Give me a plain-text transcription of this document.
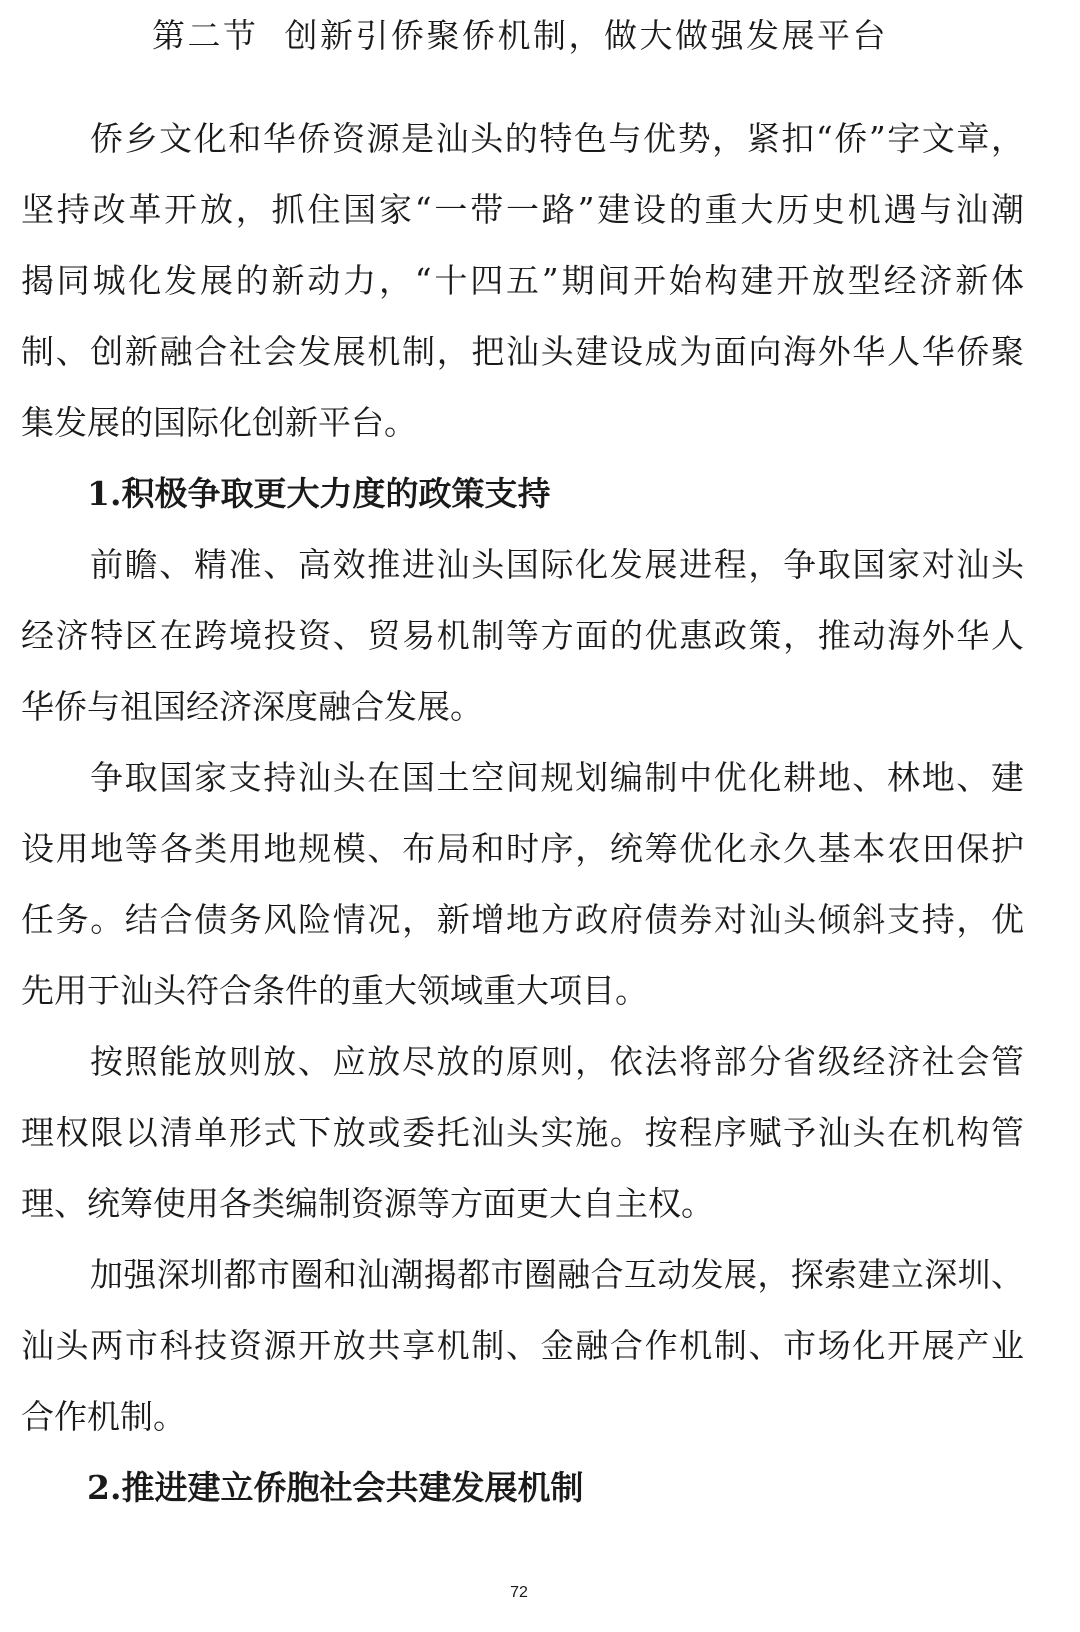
第二节  创新引侨聚侨机制，做大做强发展平台
侨乡文化和华侨资源是汕头的特色与优势，紧扣“侨”字文章，
坚持改革开放，抓住国家“一带一路”建设的重大历史机遇与汕潮
揭同城化发展的新动力，“十四五”期间开始构建开放型经济新体
制、创新融合社会发展机制，把汕头建设成为面向海外华人华侨聚
集发展的国际化创新平台。
1.积极争取更大力度的政策支持
前瞻、精准、高效推进汕头国际化发展进程，争取国家对汕头
经济特区在跨境投资、贸易机制等方面的优惠政策，推动海外华人
华侨与祖国经济深度融合发展。
争取国家支持汕头在国土空间规划编制中优化耕地、林地、建
设用地等各类用地规模、布局和时序，统筹优化永久基本农田保护
任务。结合债务风险情况，新增地方政府债券对汕头倾斜支持，优
先用于汕头符合条件的重大领域重大项目。
按照能放则放、应放尽放的原则，依法将部分省级经济社会管
理权限以清单形式下放或委托汕头实施。按程序赋予汕头在机构管
理、统筹使用各类编制资源等方面更大自主权。
加强深圳都市圈和汕潮揭都市圈融合互动发展，探索建立深圳、
汕头两市科技资源开放共享机制、金融合作机制、市场化开展产业
合作机制。
2.推进建立侨胞社会共建发展机制
72
